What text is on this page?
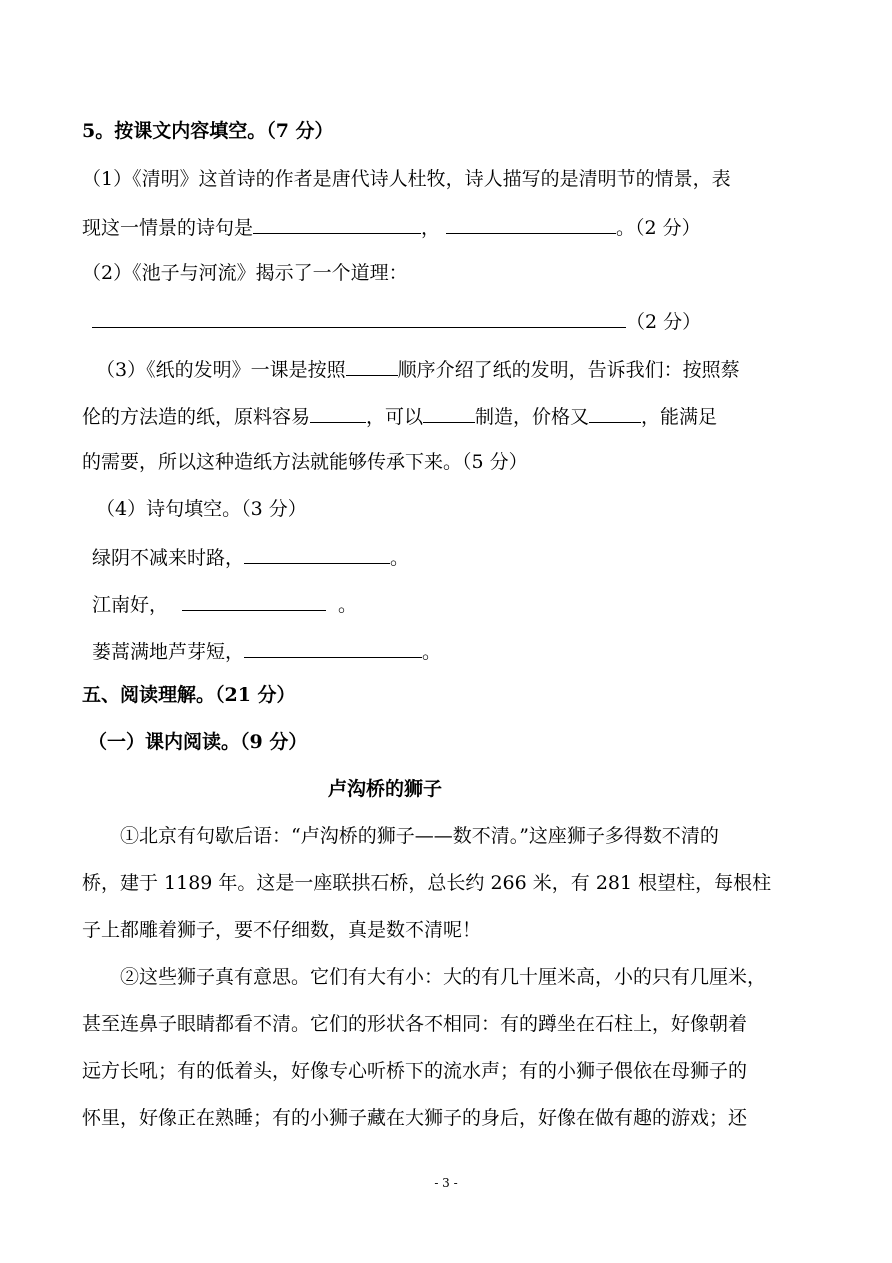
5。按课文内容填空。（7 分）
（1）《清明》这首诗的作者是唐代诗人杜牧，诗人描写的是清明节的情景，表
现这一情景的诗句是	，	。（2 分）
（2）《池子与河流》揭示了一个道理：
（2 分）
（3）《纸的发明》一课是按照	顺序介绍了纸的发明，告诉我们：按照蔡
伦的方法造的纸，原料容易	，可以	制造，价格又	，能满足
的需要，所以这种造纸方法就能够传承下来。（5 分）
（4）诗句填空。（3 分）
绿阴不减来时路，	。
江南好，	。
蒌蒿满地芦芽短，	。
五、阅读理解。（21 分）
（一）课内阅读。（9 分）
卢沟桥的狮子
①北京有句歇后语：“卢沟桥的狮子——数不清。”这座狮子多得数不清的
桥，建于 1189 年。这是一座联拱石桥，总长约 266 米，有 281 根望柱，每根柱
子上都雕着狮子，要不仔细数，真是数不清呢！
②这些狮子真有意思。它们有大有小：大的有几十厘米高，小的只有几厘米，
甚至连鼻子眼睛都看不清。它们的形状各不相同：有的蹲坐在石柱上，好像朝着
远方长吼；有的低着头，好像专心听桥下的流水声；有的小狮子偎依在母狮子的
怀里，好像正在熟睡；有的小狮子藏在大狮子的身后，好像在做有趣的游戏；还
- 3 -
